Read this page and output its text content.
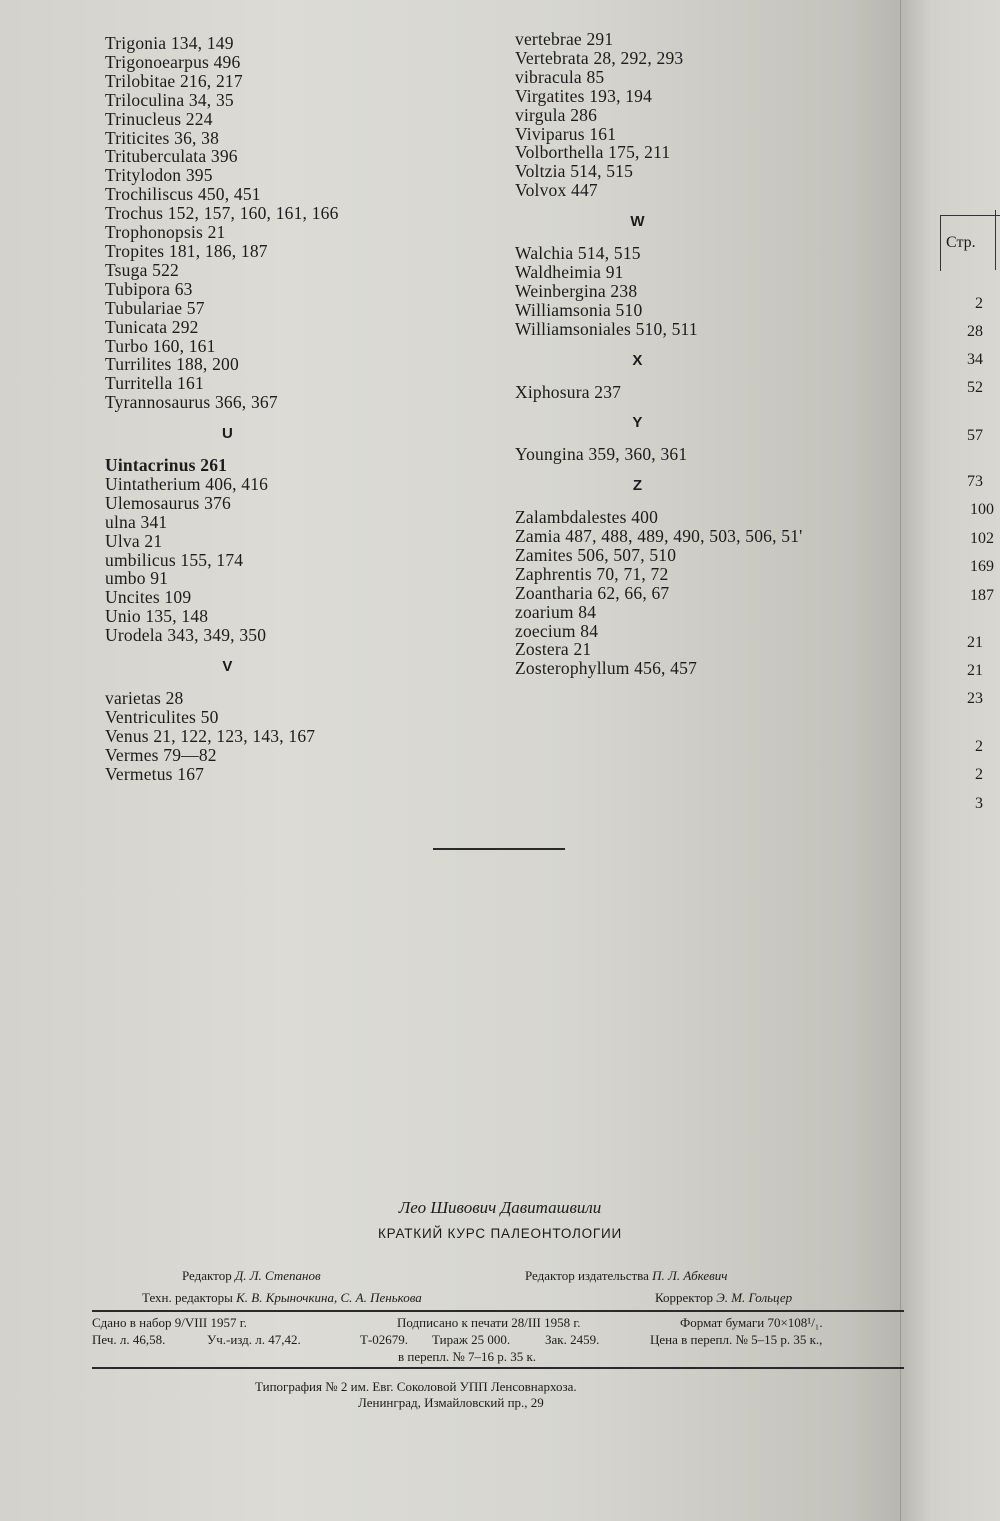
Trigonia 134, 149
Trigonoearpus 496
Trilobitae 216, 217
Triloculina 34, 35
Trinucleus 224
Triticites 36, 38
Trituberculata 396
Tritylodon 395
Trochiliscus 450, 451
Trochus 152, 157, 160, 161, 166
Trophonopsis 21
Tropites 181, 186, 187
Tsuga 522
Tubipora 63
Tubulariae 57
Tunicata 292
Turbo 160, 161
Turrilites 188, 200
Turritella 161
Tyrannosaurus 366, 367
U
Uintacrinus 261
Uintatherium 406, 416
Ulemosaurus 376
ulna 341
Ulva 21
umbilicus 155, 174
umbo 91
Uncites 109
Unio 135, 148
Urodela 343, 349, 350
V
varietas 28
Ventriculites 50
Venus 21, 122, 123, 143, 167
Vermes 79—82
Vermetus 167
vertebrae 291
Vertebrata 28, 292, 293
vibracula 85
Virgatites 193, 194
virgula 286
Viviparus 161
Volborthella 175, 211
Voltzia 514, 515
Volvox 447
W
Walchia 514, 515
Waldheimia 91
Weinbergina 238
Williamsonia 510
Williamsoniales 510, 511
X
Xiphosura 237
Y
Youngina 359, 360, 361
Z
Zalambdalestes 400
Zamia 487, 488, 489, 490, 503, 506, 51'
Zamites 506, 507, 510
Zaphrentis 70, 71, 72
Zoantharia 62, 66, 67
zoarium 84
zoecium 84
Zostera 21
Zosterophyllum 456, 457
Лео Шивович Давиташвили
КРАТКИЙ КУРС ПАЛЕОНТОЛОГИИ
Редактор Д. Л. Степанов	Редактор издательства П. Л. Абкевич
Техн. редакторы К. В. Крыночкина, С. А. Пенькова	Корректор Э. М. Гольцер
Сдано в набор 9/VIII 1957 г.	Подписано к печати 28/III 1958 г.	Формат бумаги 70×108¹/₁.
Печ. л. 46,58.	Уч.-изд. л. 47,42.	Т-02679. Тираж 25 000.	Зак. 2459.	Цена в перепл. № 5–15 р. 35 к.,
в перепл. № 7–16 р. 35 к.
Типография № 2 им. Евг. Соколовой УПП Ленсовнархоза.
Ленинград, Измайловский пр., 29
Стр.
2
28
34
52
57
73
100
102
169
187
21
21
23
2
2
3
